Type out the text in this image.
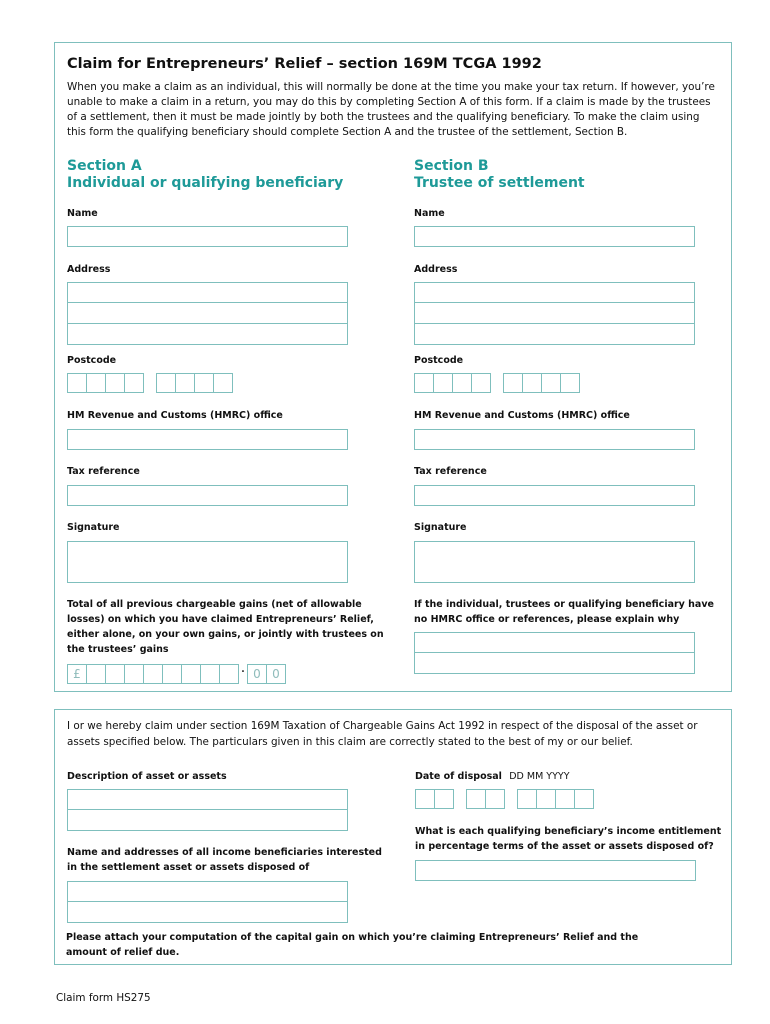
Claim for Entrepreneurs’ Relief – section 169M TCGA 1992
When you make a claim as an individual, this will normally be done at the time you make your tax return. If however, you’re unable to make a claim in a return, you may do this by completing Section A of this form. If a claim is made by the trustees of a settlement, then it must be made jointly by both the trustees and the qualifying beneficiary. To make the claim using this form the qualifying beneficiary should complete Section A and the trustee of the settlement, Section B.
Section A
Individual or qualifying beneficiary
Section B
Trustee of settlement
Name	Name
Address	Address
Postcode	Postcode
HM Revenue and Customs (HMRC) office	HM Revenue and Customs (HMRC) office
Tax reference	Tax reference
Signature	Signature
Total of all previous chargeable gains (net of allowable losses) on which you have claimed Entrepreneurs’ Relief, either alone, on your own gains, or jointly with trustees on the trustees’ gains
£	· 0 0
If the individual, trustees or qualifying beneficiary have no HMRC office or references, please explain why
I or we hereby claim under section 169M Taxation of Chargeable Gains Act 1992 in respect of the disposal of the asset or assets specified below. The particulars given in this claim are correctly stated to the best of my or our belief.
Description of asset or assets	Date of disposal DD MM YYYY
What is each qualifying beneficiary’s income entitlement in percentage terms of the asset or assets disposed of?
Name and addresses of all income beneficiaries interested in the settlement asset or assets disposed of
Please attach your computation of the capital gain on which you’re claiming Entrepreneurs’ Relief and the amount of relief due.
Claim form HS275
